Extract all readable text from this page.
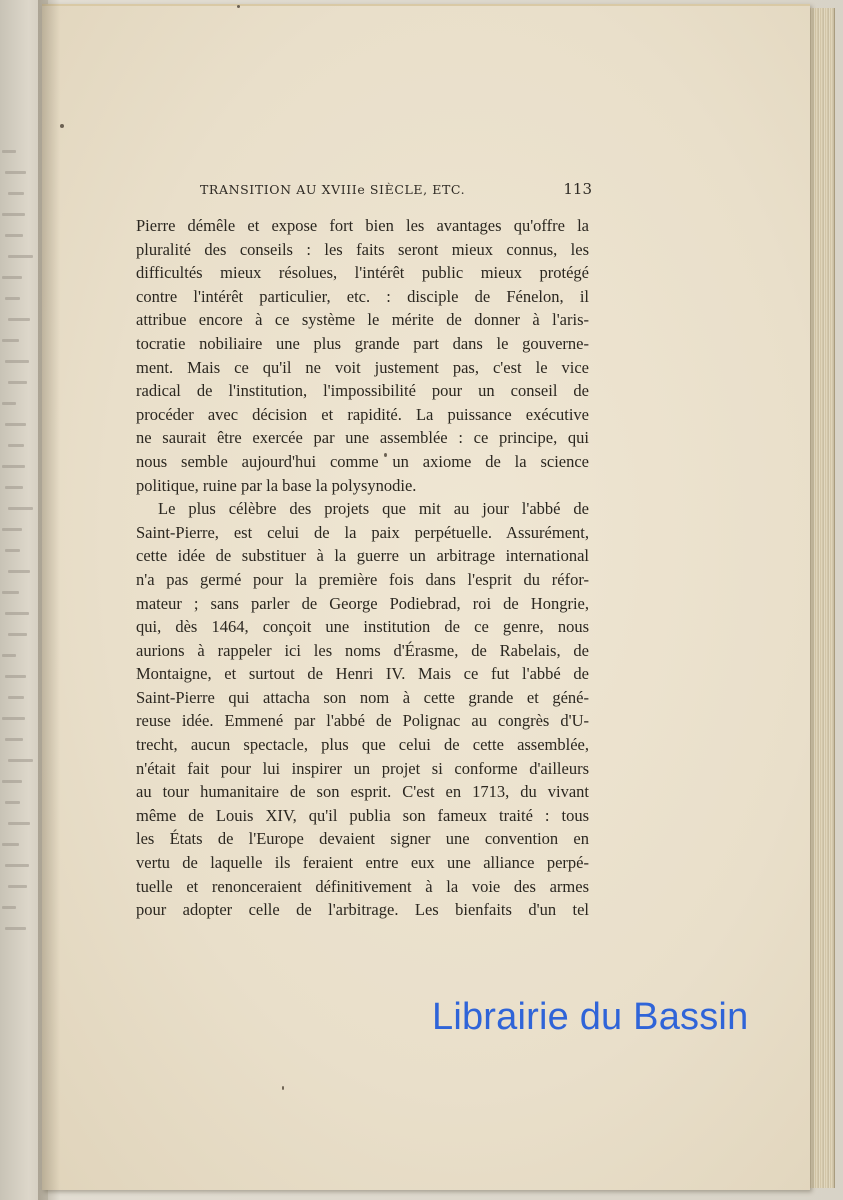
TRANSITION AU XVIIIe SIÈCLE, ETC.	113
Pierre démêle et expose fort bien les avantages qu'offre la
pluralité des conseils : les faits seront mieux connus, les
difficultés mieux résolues, l'intérêt public mieux protégé
contre l'intérêt particulier, etc. : disciple de Fénelon, il
attribue encore à ce système le mérite de donner à l'aris-
tocratie nobiliaire une plus grande part dans le gouverne-
ment. Mais ce qu'il ne voit justement pas, c'est le vice
radical de l'institution, l'impossibilité pour un conseil de
procéder avec décision et rapidité. La puissance exécutive
ne saurait être exercée par une assemblée : ce principe, qui
nous semble aujourd'hui comme un axiome de la science
politique, ruine par la base la polysynodie.
Le plus célèbre des projets que mit au jour l'abbé de
Saint-Pierre, est celui de la paix perpétuelle. Assurément,
cette idée de substituer à la guerre un arbitrage international
n'a pas germé pour la première fois dans l'esprit du réfor-
mateur ; sans parler de George Podiebrad, roi de Hongrie,
qui, dès 1464, conçoit une institution de ce genre, nous
aurions à rappeler ici les noms d'Érasme, de Rabelais, de
Montaigne, et surtout de Henri IV. Mais ce fut l'abbé de
Saint-Pierre qui attacha son nom à cette grande et géné-
reuse idée. Emmené par l'abbé de Polignac au congrès d'U-
trecht, aucun spectacle, plus que celui de cette assemblée,
n'était fait pour lui inspirer un projet si conforme d'ailleurs
au tour humanitaire de son esprit. C'est en 1713, du vivant
même de Louis XIV, qu'il publia son fameux traité : tous
les États de l'Europe devaient signer une convention en
vertu de laquelle ils feraient entre eux une alliance perpé-
tuelle et renonceraient définitivement à la voie des armes
pour adopter celle de l'arbitrage. Les bienfaits d'un tel
Librairie du Bassin
